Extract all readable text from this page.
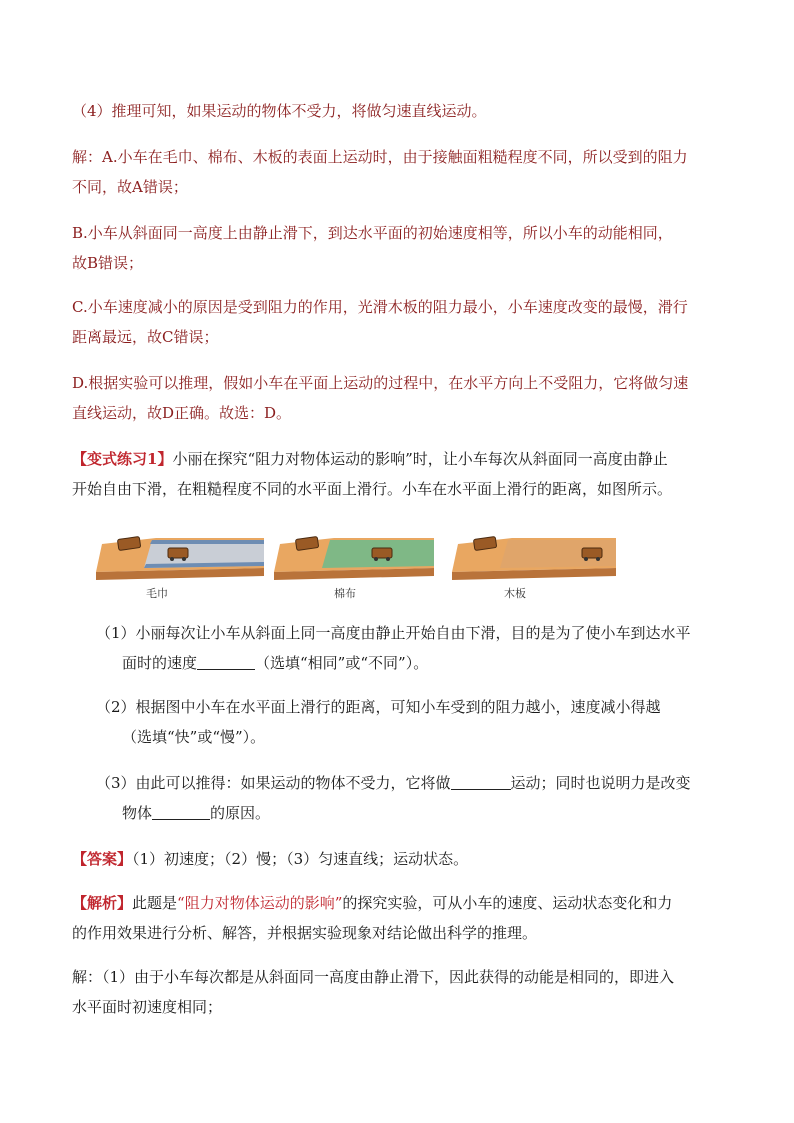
（4）推理可知，如果运动的物体不受力，将做匀速直线运动。
解：A.小车在毛巾、棉布、木板的表面上运动时，由于接触面粗糙程度不同，所以受到的阻力
不同，故A错误；
B.小车从斜面同一高度上由静止滑下，到达水平面的初始速度相等，所以小车的动能相同，
故B错误；
C.小车速度减小的原因是受到阻力的作用，光滑木板的阻力最小，小车速度改变的最慢，滑行
距离最远，故C错误；
D.根据实验可以推理，假如小车在平面上运动的过程中，在水平方向上不受阻力，它将做匀速
直线运动，故D正确。故选：D。
【变式练习1】小丽在探究“阻力对物体运动的影响”时，让小车每次从斜面同一高度由静止
开始自由下滑，在粗糙程度不同的水平面上滑行。小车在水平面上滑行的距离，如图所示。
毛巾	棉布	木板
（1）小丽每次让小车从斜面上同一高度由静止开始自由下滑，目的是为了使小车到达水平
面时的速度	（选填“相同”或“不同”）。
（2）根据图中小车在水平面上滑行的距离，可知小车受到的阻力越小，速度减小得越
（选填“快”或“慢”）。
（3）由此可以推得：如果运动的物体不受力，它将做	运动；同时也说明力是改变
物体	的原因。
【答案】（1）初速度；（2）慢；（3）匀速直线；运动状态。
【解析】此题是“阻力对物体运动的影响”的探究实验，可从小车的速度、运动状态变化和力
的作用效果进行分析、解答，并根据实验现象对结论做出科学的推理。
解：（1）由于小车每次都是从斜面同一高度由静止滑下，因此获得的动能是相同的，即进入
水平面时初速度相同；
